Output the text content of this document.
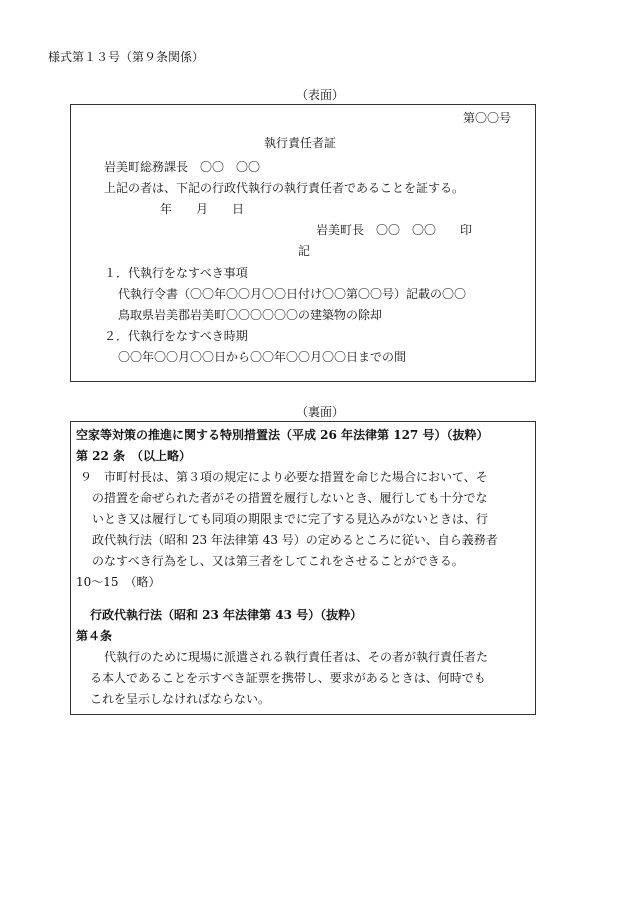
様式第１３号（第９条関係）
（表面）
第〇〇号
執行責任者証
岩美町総務課長　〇〇　〇〇
上記の者は、下記の行政代執行の執行責任者であることを証する。
年　　月　　日
岩美町長　〇〇　〇〇　　印
記
１．代執行をなすべき事項
代執行令書（〇〇年〇〇月〇〇日付け〇〇第〇〇号）記載の〇〇
鳥取県岩美郡岩美町〇〇〇〇〇〇の建築物の除却
２．代執行をなすべき時期
〇〇年〇〇月〇〇日から〇〇年〇〇月〇〇日までの間
（裏面）
空家等対策の推進に関する特別措置法（平成 26 年法律第 127 号）（抜粋）
第 22 条　（以上略）
９　市町村長は、第３項の規定により必要な措置を命じた場合において、そ
の措置を命ぜられた者がその措置を履行しないとき、履行しても十分でな
いとき又は履行しても同項の期限までに完了する見込みがないときは、行
政代執行法（昭和 23 年法律第 43 号）の定めるところに従い、自ら義務者
のなすべき行為をし、又は第三者をしてこれをさせることができる。
10～15　（略）
行政代執行法（昭和 23 年法律第 43 号）（抜粋）
第４条
代執行のために現場に派遣される執行責任者は、その者が執行責任者た
る本人であることを示すべき証票を携帯し、要求があるときは、何時でも
これを呈示しなければならない。
